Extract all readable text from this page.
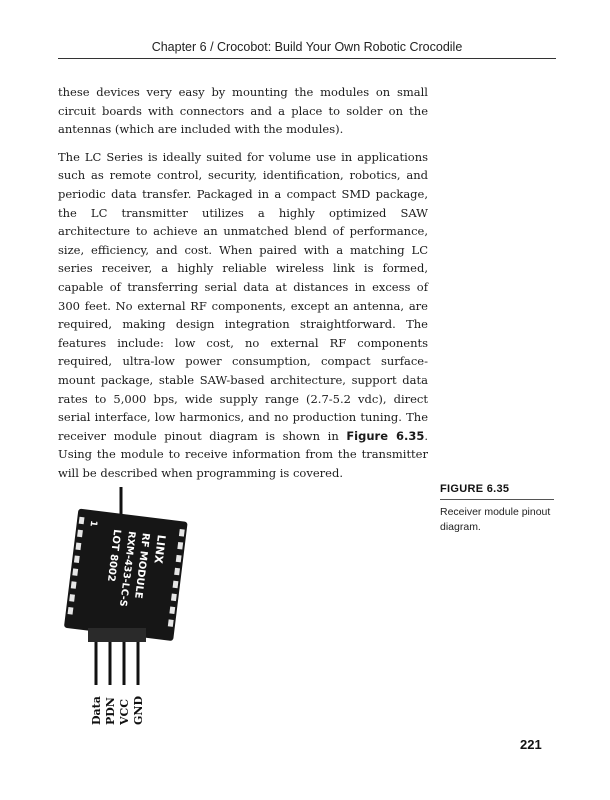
Chapter 6 / Crocobot: Build Your Own Robotic Crocodile

these devices very easy by mounting the modules on small circuit boards with connectors and a place to solder on the antennas (which are included with the modules).

The LC Series is ideally suited for volume use in applications such as remote control, security, identification, robotics, and periodic data transfer. Packaged in a compact SMD package, the LC transmitter utilizes a highly optimized SAW architecture to achieve an unmatched blend of performance, size, efficiency, and cost. When paired with a matching LC series receiver, a highly reliable wireless link is formed, capable of transferring serial data at distances in excess of 300 feet. No external RF components, except an antenna, are required, making design integration straightforward. The features include: low cost, no external RF components required, ultra-low power consumption, compact surface-mount package, stable SAW-based architecture, support data rates to 5,000 bps, wide supply range (2.7-5.2 vdc), direct serial interface, low harmonics, and no production tuning. The receiver module pinout diagram is shown in Figure 6.35. Using the module to receive information from the transmitter will be described when programming is covered.

FIGURE 6.35
Receiver module pinout diagram.
LINX
RF MODULE
RXM-433-LC-S
LOT 8002
1
Data PDN VCC GND
221
